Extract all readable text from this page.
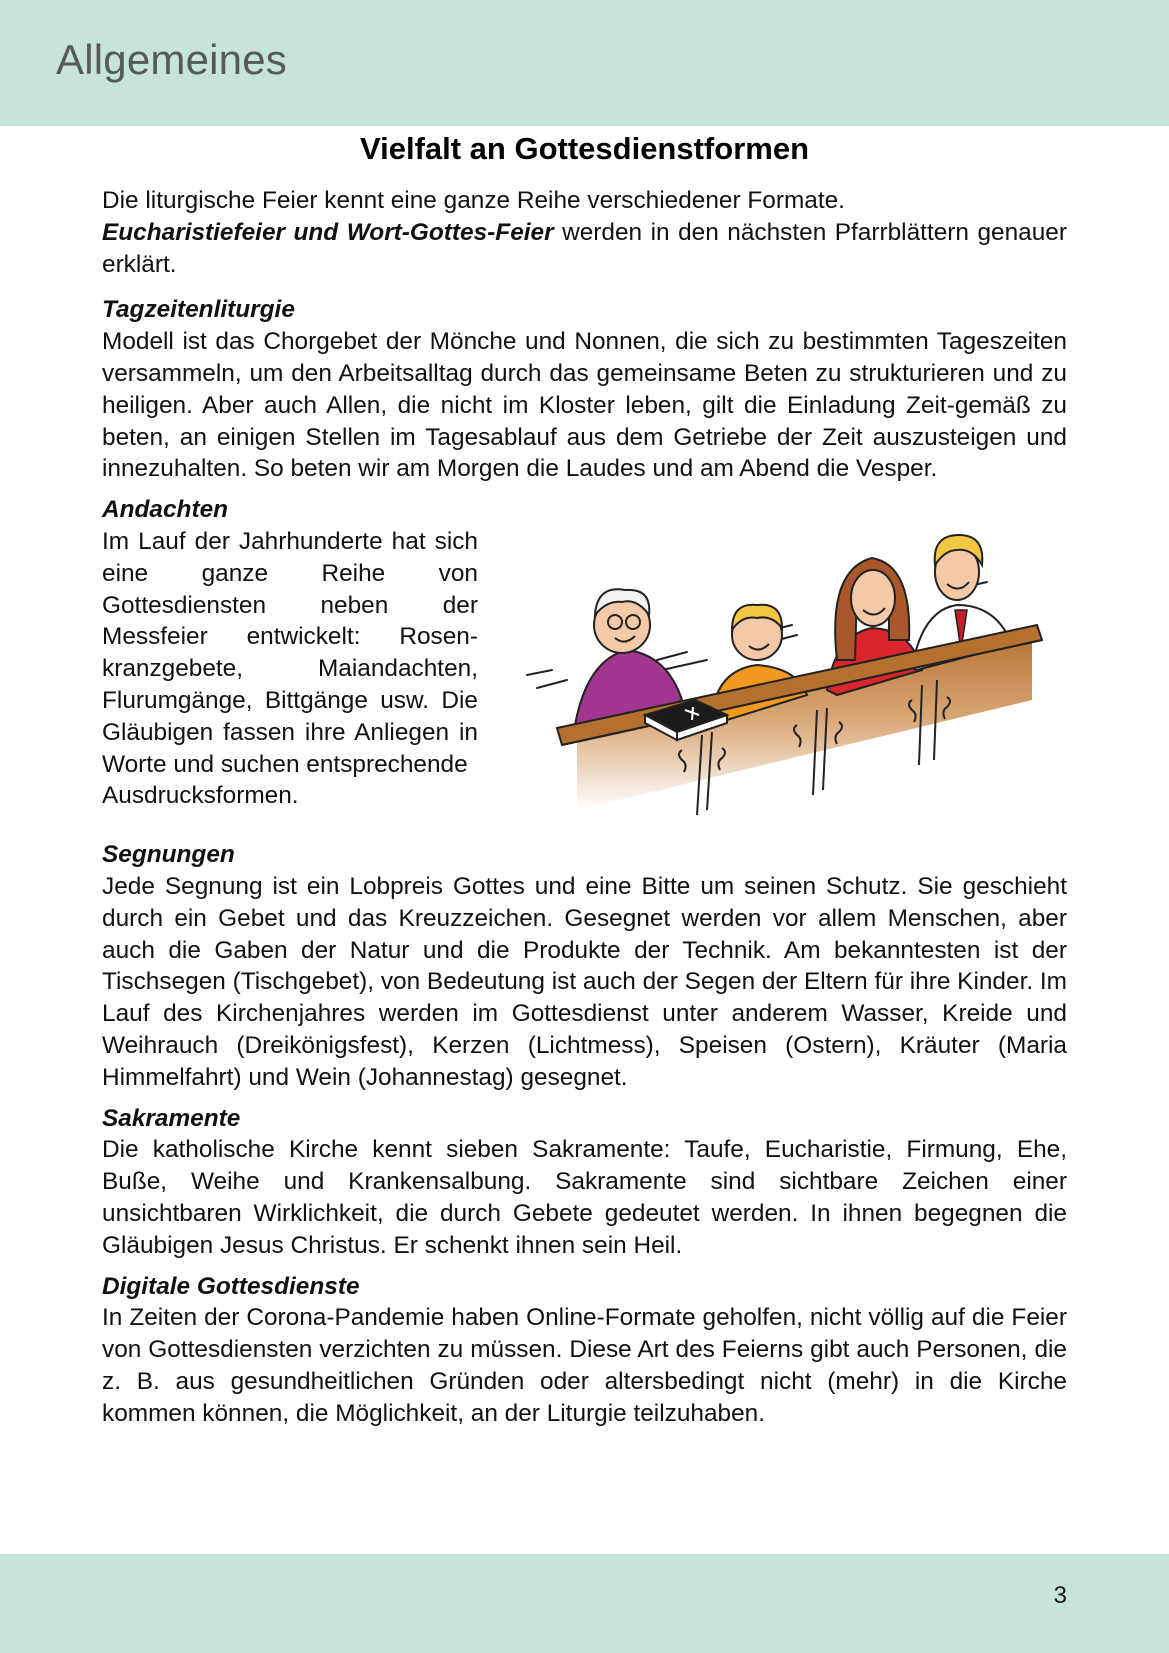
Allgemeines
Vielfalt an Gottesdienstformen

Die liturgische Feier kennt eine ganze Reihe verschiedener Formate.

Eucharistiefeier und Wort-Gottes-Feier werden in den nächsten Pfarrblättern genauer erklärt.

Tagzeitenliturgie

Modell ist das Chorgebet der Mönche und Nonnen, die sich zu bestimmten Tageszeiten versammeln, um den Arbeitsalltag durch das gemeinsame Beten zu strukturieren und zu heiligen. Aber auch Allen, die nicht im Kloster leben, gilt die Einladung Zeit-gemäß zu beten, an einigen Stellen im Tagesablauf aus dem Getriebe der Zeit auszusteigen und innezuhalten. So beten wir am Morgen die Laudes und am Abend die Vesper.

Andachten

Im Lauf der Jahrhunderte hat sich eine ganze Reihe von Gottesdiensten neben der Messfeier entwickelt: Rosen-kranzgebete, Maiandachten, Flurumgänge, Bittgänge usw. Die Gläubigen fassen ihre Anliegen in Worte und suchen entsprechende

Ausdrucksformen.

Segnungen

Jede Segnung ist ein Lobpreis Gottes und eine Bitte um seinen Schutz. Sie geschieht durch ein Gebet und das Kreuzzeichen. Gesegnet werden vor allem Menschen, aber auch die Gaben der Natur und die Produkte der Technik. Am bekanntesten ist der Tischsegen (Tischgebet), von Bedeutung ist auch der Segen der Eltern für ihre Kinder. Im Lauf des Kirchenjahres werden im Gottesdienst unter anderem Wasser, Kreide und Weihrauch (Dreikönigsfest), Kerzen (Lichtmess), Speisen (Ostern), Kräuter (Maria Himmelfahrt) und Wein (Johannestag) gesegnet.

Sakramente

Die katholische Kirche kennt sieben Sakramente: Taufe, Eucharistie, Firmung, Ehe, Buße, Weihe und Krankensalbung. Sakramente sind sichtbare Zeichen einer unsichtbaren Wirklichkeit, die durch Gebete gedeutet werden. In ihnen begegnen die Gläubigen Jesus Christus. Er schenkt ihnen sein Heil.

Digitale Gottesdienste

In Zeiten der Corona-Pandemie haben Online-Formate geholfen, nicht völlig auf die Feier von Gottesdiensten verzichten zu müssen. Diese Art des Feierns gibt auch Personen, die z. B. aus gesundheitlichen Gründen oder altersbedingt nicht (mehr) in die Kirche kommen können, die Möglichkeit, an der Liturgie teilzuhaben.

3
